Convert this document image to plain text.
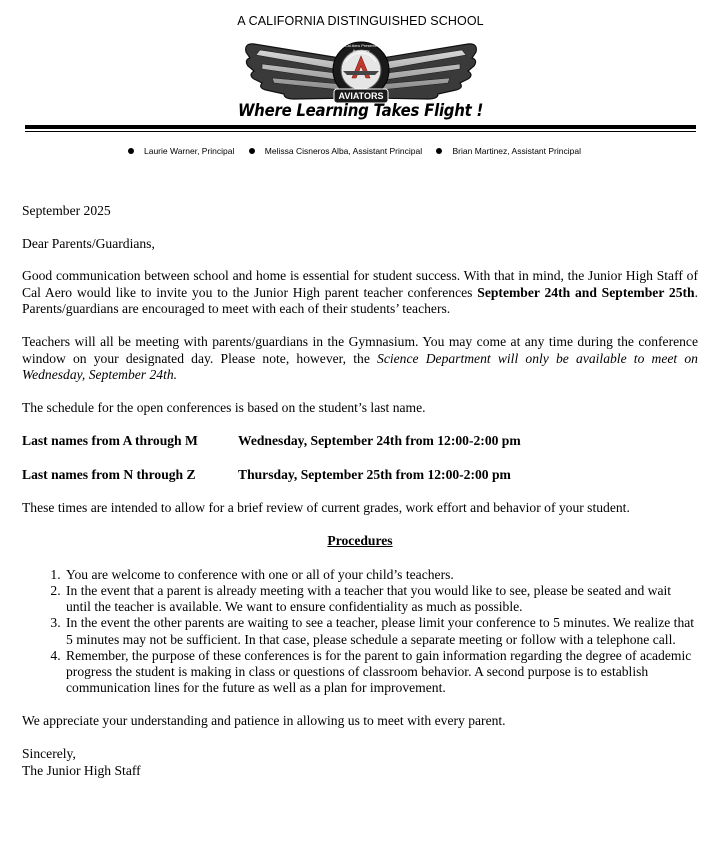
A CALIFORNIA DISTINGUISHED SCHOOL
AVIATORS
Cal Aero Preserve Academy
Where Learning Takes Flight !
Laurie Warner, Principal	Melissa Cisneros Alba, Assistant Principal	Brian Martinez, Assistant Principal

September 2025

Dear Parents/Guardians,

Good communication between school and home is essential for student success. With that in mind, the Junior High Staff of Cal Aero would like to invite you to the Junior High parent teacher conferences September 24th and September 25th. Parents/guardians are encouraged to meet with each of their students’ teachers.

Teachers will all be meeting with parents/guardians in the Gymnasium. You may come at any time during the conference window on your designated day. Please note, however, the Science Department will only be available to meet on Wednesday, September 24th.

The schedule for the open conferences is based on the student’s last name.

Last names from A through M	Wednesday, September 24th from 12:00-2:00 pm
Last names from N through Z	Thursday, September 25th from 12:00-2:00 pm

These times are intended to allow for a brief review of current grades, work effort and behavior of your student.

Procedures

1. You are welcome to conference with one or all of your child’s teachers.
2. In the event that a parent is already meeting with a teacher that you would like to see, please be seated and wait until the teacher is available. We want to ensure confidentiality as much as possible.
3. In the event the other parents are waiting to see a teacher, please limit your conference to 5 minutes. We realize that 5 minutes may not be sufficient. In that case, please schedule a separate meeting or follow with a telephone call.
4. Remember, the purpose of these conferences is for the parent to gain information regarding the degree of academic progress the student is making in class or questions of classroom behavior. A second purpose is to establish communication lines for the future as well as a plan for improvement.

We appreciate your understanding and patience in allowing us to meet with every parent.

Sincerely,

The Junior High Staff
